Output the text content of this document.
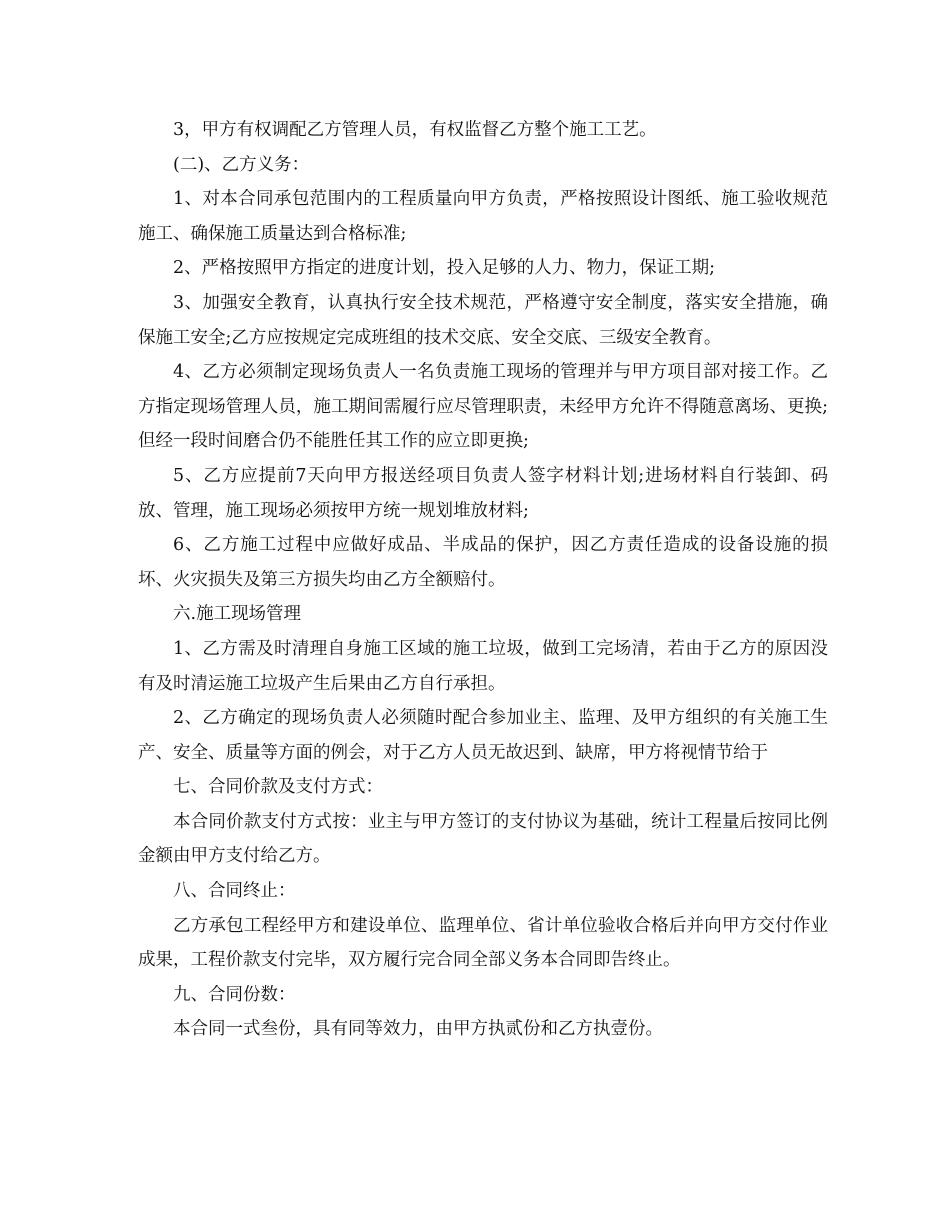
3，甲方有权调配乙方管理人员，有权监督乙方整个施工工艺。

(二)、乙方义务：

1、对本合同承包范围内的工程质量向甲方负责，严格按照设计图纸、施工验收规范施工、确保施工质量达到合格标准;

2、严格按照甲方指定的进度计划，投入足够的人力、物力，保证工期;

3、加强安全教育，认真执行安全技术规范，严格遵守安全制度，落实安全措施，确保施工安全;乙方应按规定完成班组的技术交底、安全交底、三级安全教育。

4、乙方必须制定现场负责人一名负责施工现场的管理并与甲方项目部对接工作。乙方指定现场管理人员，施工期间需履行应尽管理职责，未经甲方允许不得随意离场、更换;但经一段时间磨合仍不能胜任其工作的应立即更换;

5、乙方应提前7天向甲方报送经项目负责人签字材料计划;进场材料自行装卸、码放、管理，施工现场必须按甲方统一规划堆放材料;

6、乙方施工过程中应做好成品、半成品的保护，因乙方责任造成的设备设施的损坏、火灾损失及第三方损失均由乙方全额赔付。

六.施工现场管理

1、乙方需及时清理自身施工区域的施工垃圾，做到工完场清，若由于乙方的原因没有及时清运施工垃圾产生后果由乙方自行承担。

2、乙方确定的现场负责人必须随时配合参加业主、监理、及甲方组织的有关施工生产、安全、质量等方面的例会，对于乙方人员无故迟到、缺席，甲方将视情节给于

七、合同价款及支付方式：

本合同价款支付方式按：业主与甲方签订的支付协议为基础，统计工程量后按同比例金额由甲方支付给乙方。

八、合同终止：

乙方承包工程经甲方和建设单位、监理单位、省计单位验收合格后并向甲方交付作业成果，工程价款支付完毕，双方履行完合同全部义务本合同即告终止。

九、合同份数：

本合同一式叁份，具有同等效力，由甲方执贰份和乙方执壹份。
